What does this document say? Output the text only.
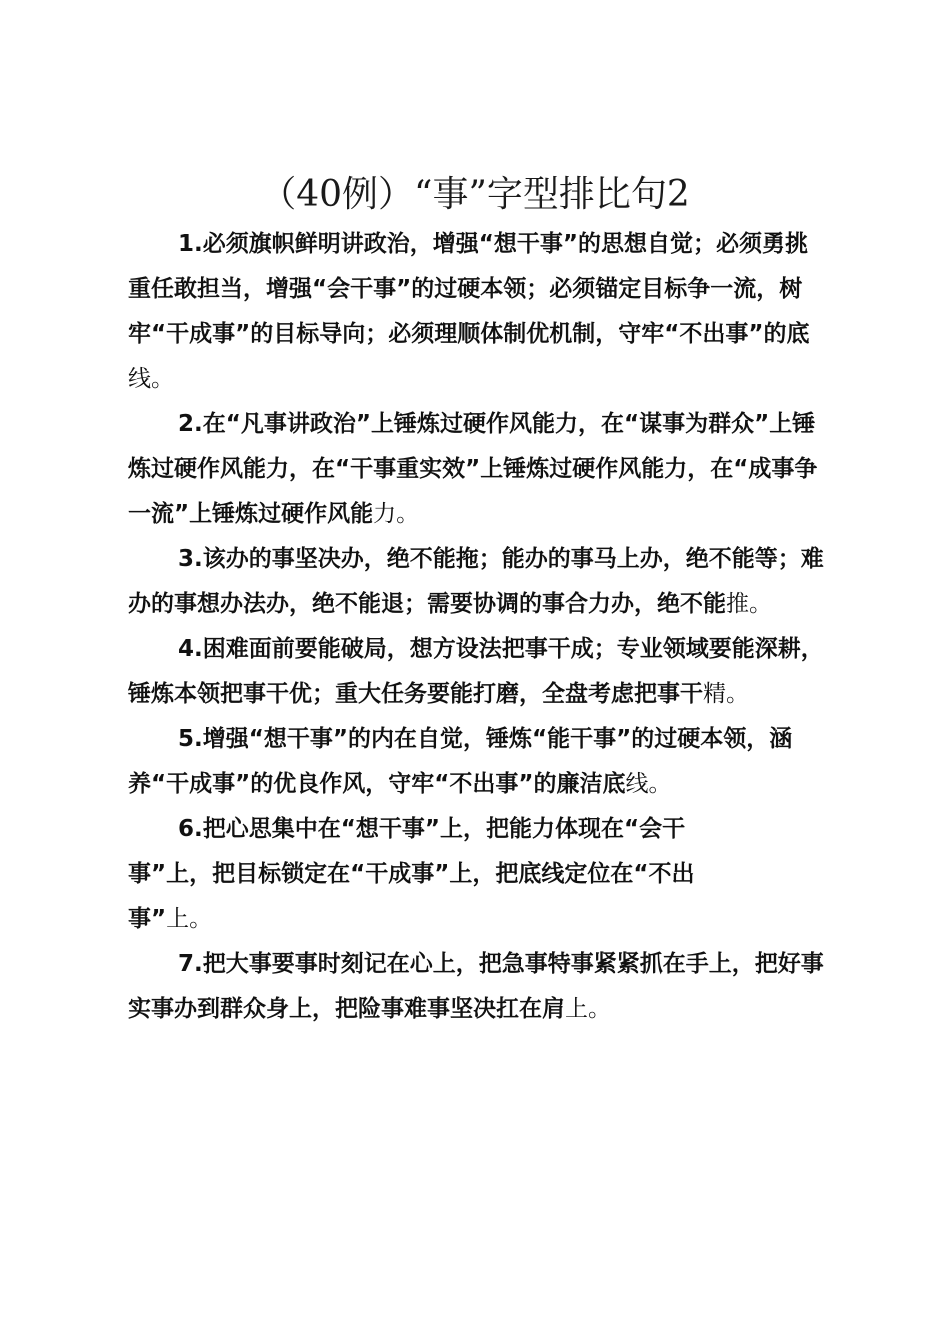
（40例）“事”字型排比句2

1.必须旗帜鲜明讲政治，增强“想干事”的思想自觉；必须勇挑重任敢担当，增强“会干事”的过硬本领；必须锚定目标争一流，树牢“干成事”的目标导向；必须理顺体制优机制，守牢“不出事”的底线。

2.在“凡事讲政治”上锤炼过硬作风能力，在“谋事为群众”上锤炼过硬作风能力，在“干事重实效”上锤炼过硬作风能力，在“成事争一流”上锤炼过硬作风能力。

3.该办的事坚决办，绝不能拖；能办的事马上办，绝不能等；难办的事想办法办，绝不能退；需要协调的事合力办，绝不能推。

4.困难面前要能破局，想方设法把事干成；专业领域要能深耕，锤炼本领把事干优；重大任务要能打磨，全盘考虑把事干精。

5.增强“想干事”的内在自觉，锤炼“能干事”的过硬本领，涵养“干成事”的优良作风，守牢“不出事”的廉洁底线。

6.把心思集中在“想干事”上，把能力体现在“会干
事”上，把目标锁定在“干成事”上，把底线定位在“不出
事”上。

7.把大事要事时刻记在心上，把急事特事紧紧抓在手上，把好事实事办到群众身上，把险事难事坚决扛在肩上。
